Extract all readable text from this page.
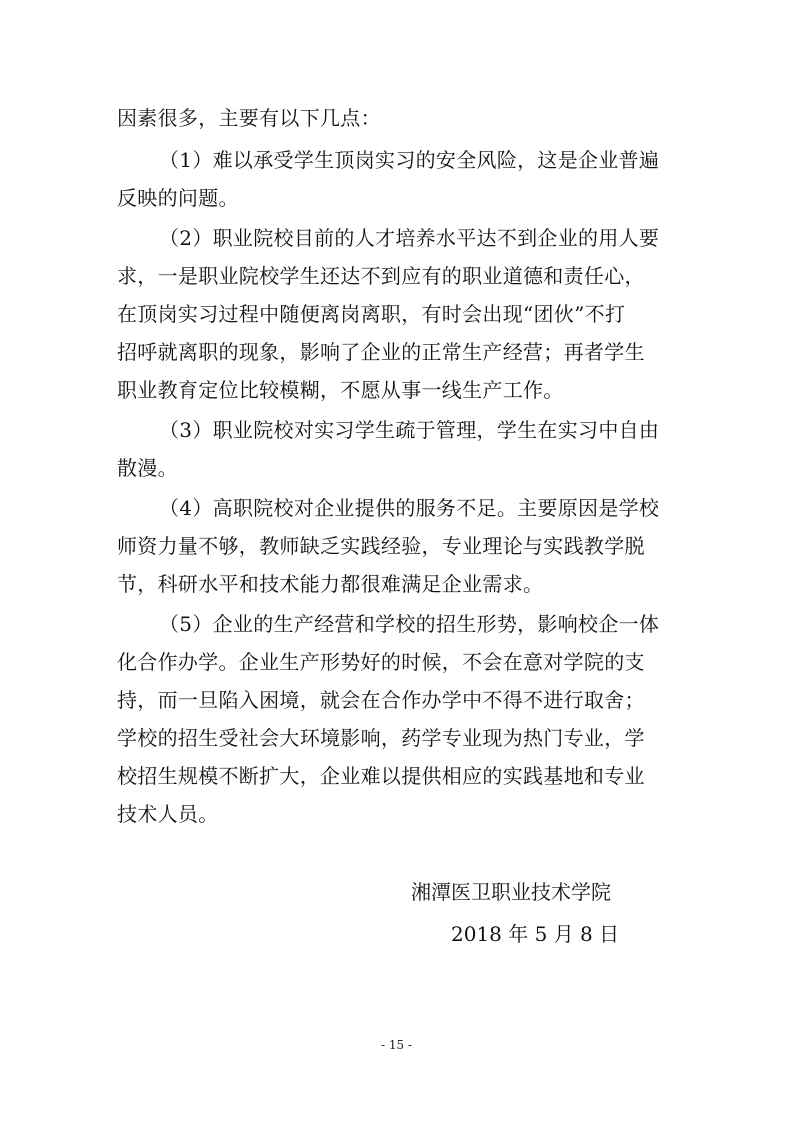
因素很多，主要有以下几点：
（1）难以承受学生顶岗实习的安全风险，这是企业普遍
反映的问题。
（2）职业院校目前的人才培养水平达不到企业的用人要
求，一是职业院校学生还达不到应有的职业道德和责任心，
在顶岗实习过程中随便离岗离职，有时会出现“团伙”不打
招呼就离职的现象，影响了企业的正常生产经营；再者学生
职业教育定位比较模糊，不愿从事一线生产工作。
（3）职业院校对实习学生疏于管理，学生在实习中自由
散漫。
（4）高职院校对企业提供的服务不足。主要原因是学校
师资力量不够，教师缺乏实践经验，专业理论与实践教学脱
节，科研水平和技术能力都很难满足企业需求。
（5）企业的生产经营和学校的招生形势，影响校企一体
化合作办学。企业生产形势好的时候，不会在意对学院的支
持，而一旦陷入困境，就会在合作办学中不得不进行取舍；
学校的招生受社会大环境影响，药学专业现为热门专业，学
校招生规模不断扩大，企业难以提供相应的实践基地和专业
技术人员。
湘潭医卫职业技术学院
2018 年 5 月 8 日
- 15 -
